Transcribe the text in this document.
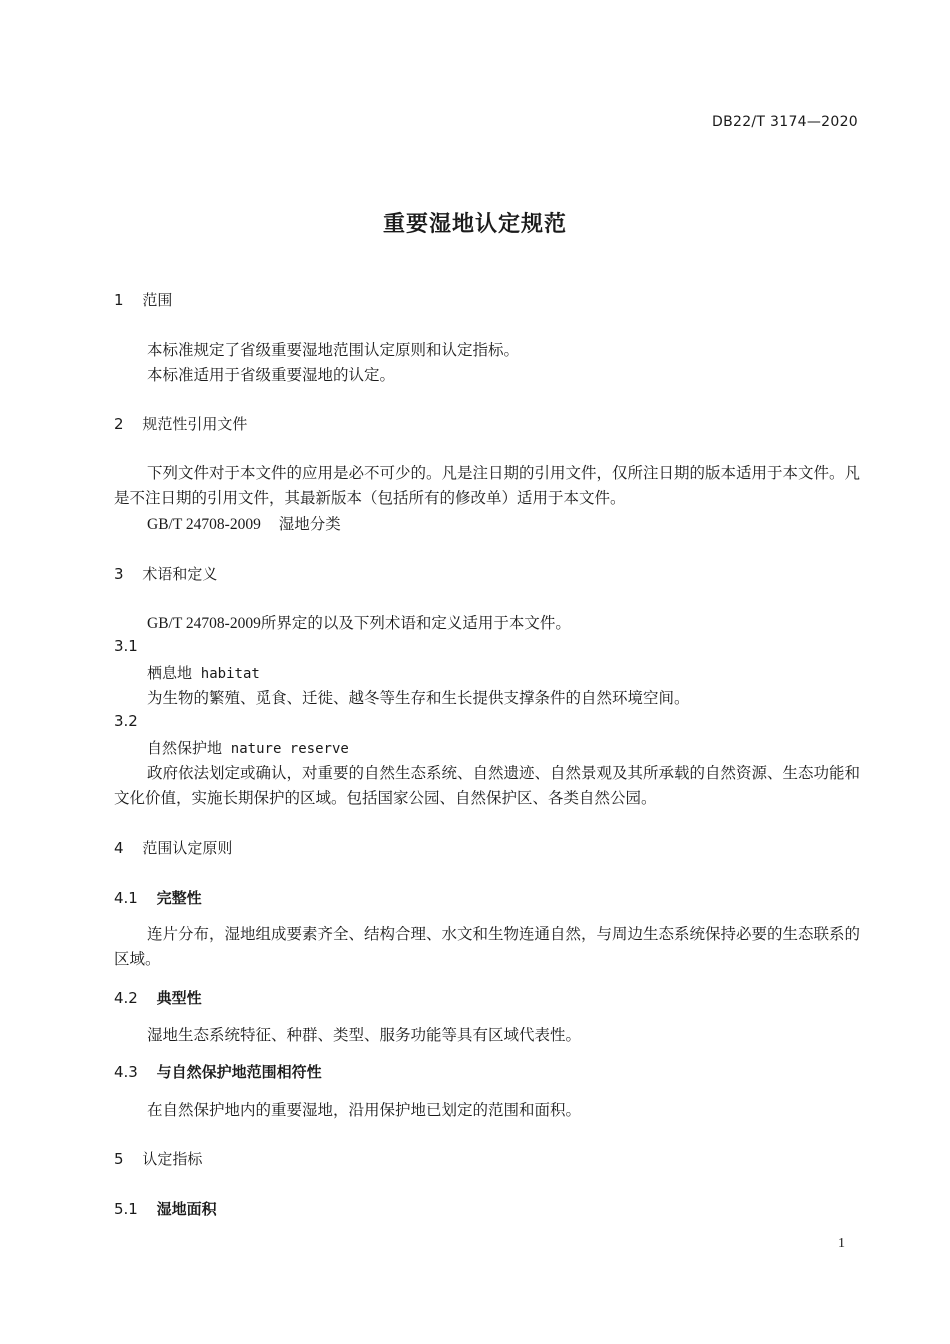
DB22/T 3174—2020
重要湿地认定规范
1 范围
本标准规定了省级重要湿地范围认定原则和认定指标。
本标准适用于省级重要湿地的认定。
2 规范性引用文件
下列文件对于本文件的应用是必不可少的。凡是注日期的引用文件，仅所注日期的版本适用于本文件。凡是不注日期的引用文件，其最新版本（包括所有的修改单）适用于本文件。
GB/T 24708-2009 湿地分类
3 术语和定义
GB/T 24708-2009所界定的以及下列术语和定义适用于本文件。
3.1
栖息地 habitat
为生物的繁殖、觅食、迁徙、越冬等生存和生长提供支撑条件的自然环境空间。
3.2
自然保护地 nature reserve
政府依法划定或确认，对重要的自然生态系统、自然遗迹、自然景观及其所承载的自然资源、生态功能和文化价值，实施长期保护的区域。包括国家公园、自然保护区、各类自然公园。
4 范围认定原则
4.1 完整性
连片分布，湿地组成要素齐全、结构合理、水文和生物连通自然，与周边生态系统保持必要的生态联系的区域。
4.2 典型性
湿地生态系统特征、种群、类型、服务功能等具有区域代表性。
4.3 与自然保护地范围相符性
在自然保护地内的重要湿地，沿用保护地已划定的范围和面积。
5 认定指标
5.1 湿地面积
1
